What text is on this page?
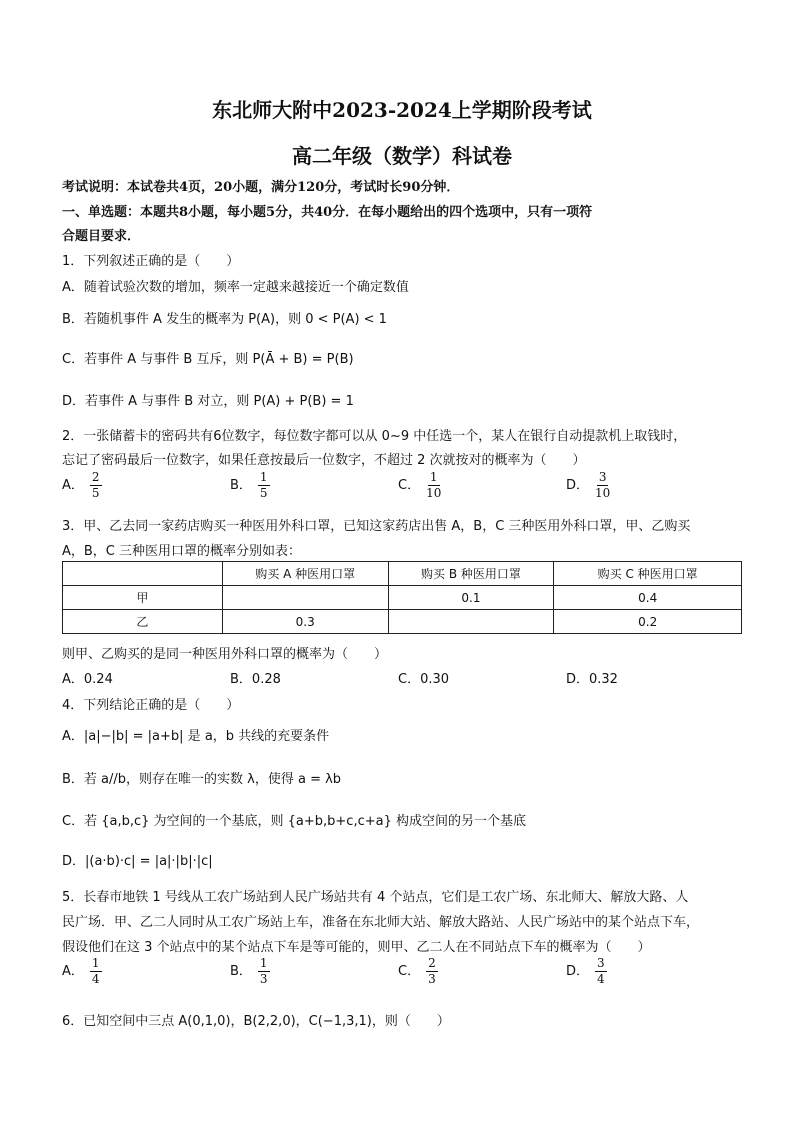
东北师大附中2023-2024上学期阶段考试
高二年级（数学）科试卷
考试说明：本试卷共4页，20小题，满分120分，考试时长90分钟．
一、单选题：本题共8小题，每小题5分，共40分．在每小题给出的四个选项中，只有一项符
合题目要求．
1．下列叙述正确的是（　　）
A．随着试验次数的增加，频率一定越来越接近一个确定数值
B．若随机事件 A 发生的概率为 P(A)，则 0 < P(A) < 1
C．若事件 A 与事件 B 互斥，则 P(Ā + B) = P(B)
D．若事件 A 与事件 B 对立，则 P(A) + P(B) = 1
2．一张储蓄卡的密码共有6位数字，每位数字都可以从 0~9 中任选一个，某人在银行自动提款机上取钱时，
忘记了密码最后一位数字，如果任意按最后一位数字，不超过 2 次就按对的概率为（　　）
A． $\frac{2}{5}$	B． $\frac{1}{5}$	C． $\frac{1}{10}$	D． $\frac{3}{10}$
3．甲、乙去同一家药店购买一种医用外科口罩，已知这家药店出售 A，B，C 三种医用外科口罩，甲、乙购买
A，B，C 三种医用口罩的概率分别如表：
	购买 A 种医用口罩	购买 B 种医用口罩	购买 C 种医用口罩
甲		0.1	0.4
乙	0.3		0.2
则甲、乙购买的是同一种医用外科口罩的概率为（　　）
A．0.24	B．0.28	C．0.30	D．0.32
4．下列结论正确的是（　　）
A．|a|−|b| = |a+b| 是 a，b 共线的充要条件
B．若 a//b，则存在唯一的实数 λ，使得 a = λb
C．若 {a,b,c} 为空间的一个基底，则 {a+b,b+c,c+a} 构成空间的另一个基底
D．|(a·b)·c| = |a|·|b|·|c|
5．长春市地铁 1 号线从工农广场站到人民广场站共有 4 个站点，它们是工农广场、东北师大、解放大路、人
民广场．甲、乙二人同时从工农广场站上车，准备在东北师大站、解放大路站、人民广场站中的某个站点下车，
假设他们在这 3 个站点中的某个站点下车是等可能的，则甲、乙二人在不同站点下车的概率为（　　）
A． $\frac{1}{4}$	B． $\frac{1}{3}$	C． $\frac{2}{3}$	D． $\frac{3}{4}$
6．已知空间中三点 A(0,1,0)，B(2,2,0)，C(−1,3,1)，则（　　）
